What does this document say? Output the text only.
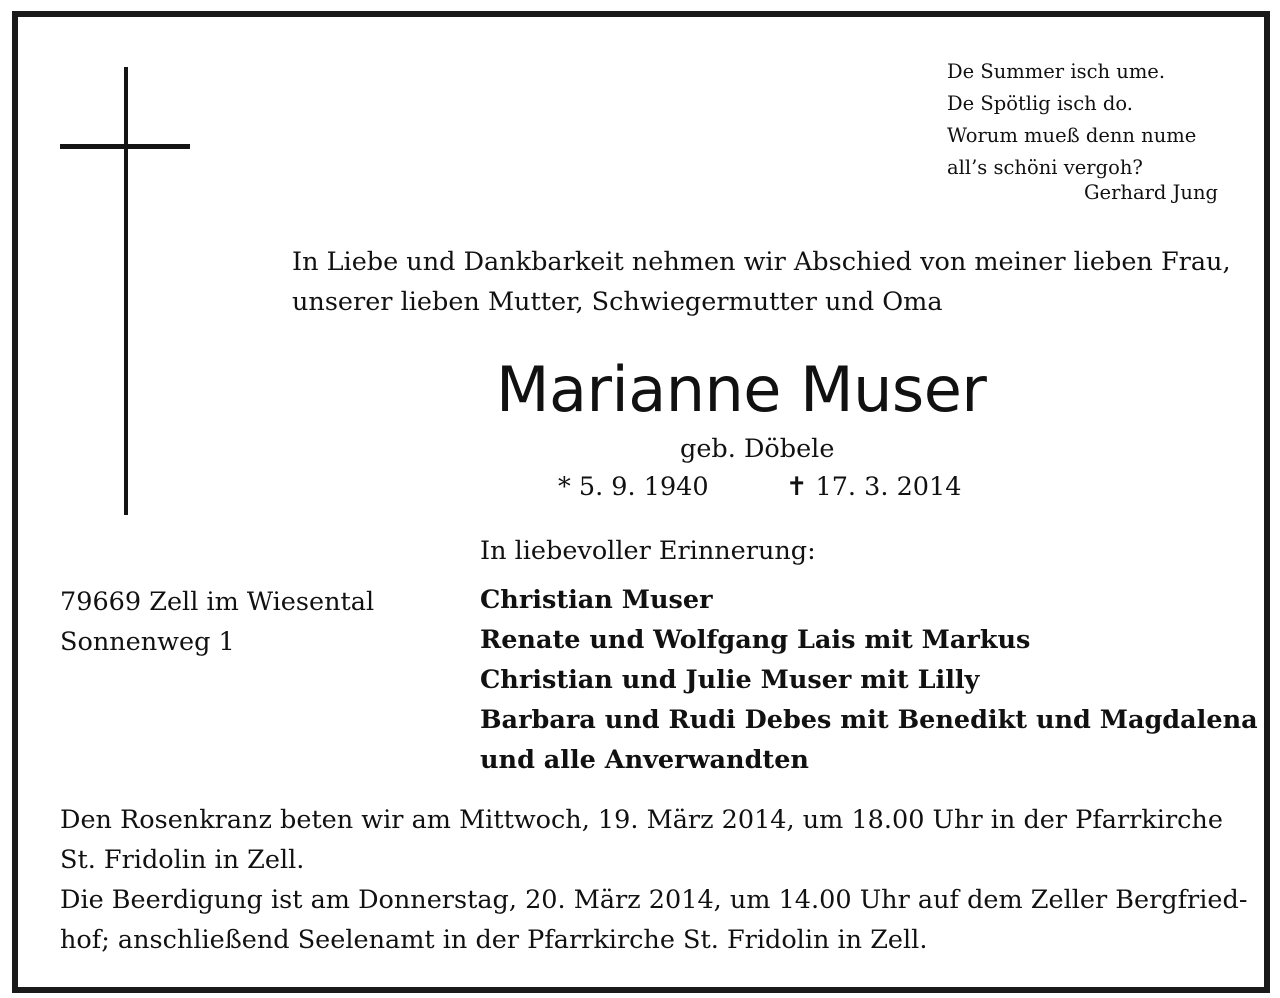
De Summer isch ume.
De Spötlig isch do.
Worum mueß denn nume
all’s schöni vergoh?
Gerhard Jung
In Liebe und Dankbarkeit nehmen wir Abschied von meiner lieben Frau,
unserer lieben Mutter, Schwiegermutter und Oma
Marianne Muser
geb. Döbele
* 5. 9. 1940	✝ 17. 3. 2014
79669 Zell im Wiesental
Sonnenweg 1
In liebevoller Erinnerung:
Christian Muser
Renate und Wolfgang Lais mit Markus
Christian und Julie Muser mit Lilly
Barbara und Rudi Debes mit Benedikt und Magdalena
und alle Anverwandten
Den Rosenkranz beten wir am Mittwoch, 19. März 2014, um 18.00 Uhr in der Pfarrkirche
St. Fridolin in Zell.
Die Beerdigung ist am Donnerstag, 20. März 2014, um 14.00 Uhr auf dem Zeller Bergfried-
hof; anschließend Seelenamt in der Pfarrkirche St. Fridolin in Zell.
